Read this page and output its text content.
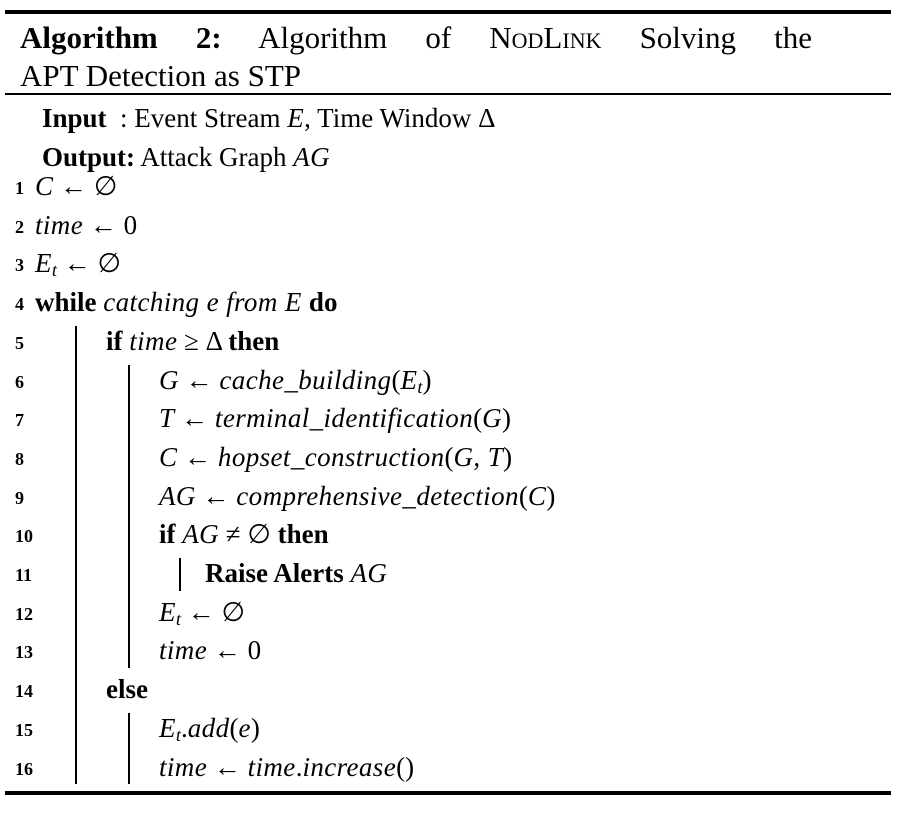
Algorithm 2: Algorithm of NodLink Solving the
APT Detection as STP
Input  : Event Stream E, Time Window Δ
Output: Attack Graph AG
1 C ← ∅
2 time ← 0
3 Et ← ∅
4 while catching e from E do
5	if time ≥ Δ then
6	G ← cache_building(Et)
7	T ← terminal_identification(G)
8	C ← hopset_construction(G, T)
9	AG ← comprehensive_detection(C)
10	if AG ≠ ∅ then
11	Raise Alerts AG
12	Et ← ∅
13	time ← 0
14	else
15	Et.add(e)
16	time ← time.increase()
